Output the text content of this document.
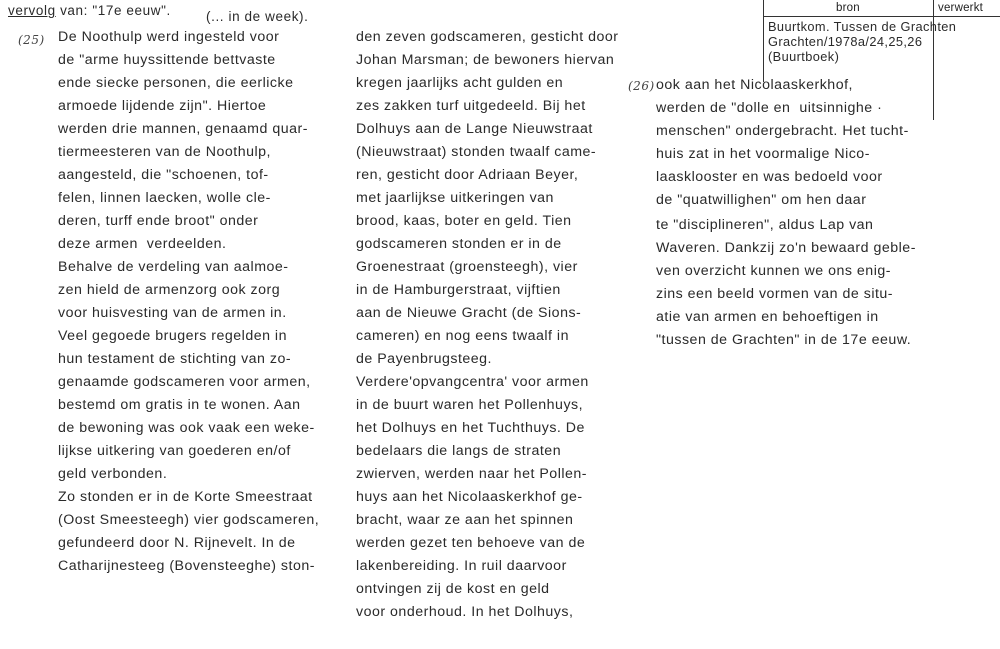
vervolg van: "17e eeuw".	(... in de week).
bron	verwerkt
Buurtkom. Tussen de Grachten
Grachten/1978a/24,25,26
(Buurtboek)
(25)
(26)
De Noothulp werd ingesteld voor
de "arme huyssittende bettvaste
ende siecke personen, die eerlicke
armoede lijdende zijn". Hiertoe
werden drie mannen, genaamd quar-
tiermeesteren van de Noothulp,
aangesteld, die "schoenen, tof-
felen, linnen laecken, wolle cle-
deren, turff ende broot" onder
deze armen  verdeelden.
Behalve de verdeling van aalmoe-
zen hield de armenzorg ook zorg
voor huisvesting van de armen in.
Veel gegoede brugers regelden in
hun testament de stichting van zo-
genaamde godscameren voor armen,
bestemd om gratis in te wonen. Aan
de bewoning was ook vaak een weke-
lijkse uitkering van goederen en/of
geld verbonden.
Zo stonden er in de Korte Smeestraat
(Oost Smeesteegh) vier godscameren,
gefundeerd door N. Rijnevelt. In de
Catharijnesteeg (Bovensteeghe) ston-
den zeven godscameren, gesticht door
Johan Marsman; de bewoners hiervan
kregen jaarlijks acht gulden en
zes zakken turf uitgedeeld. Bij het
Dolhuys aan de Lange Nieuwstraat
(Nieuwstraat) stonden twaalf came-
ren, gesticht door Adriaan Beyer,
met jaarlijkse uitkeringen van
brood, kaas, boter en geld. Tien
godscameren stonden er in de
Groenestraat (groensteegh), vier
in de Hamburgerstraat, vijftien
aan de Nieuwe Gracht (de Sions-
cameren) en nog eens twaalf in
de Payenbrugsteeg.
Verdere'opvangcentra' voor armen
in de buurt waren het Pollenhuys,
het Dolhuys en het Tuchthuys. De
bedelaars die langs de straten
zwierven, werden naar het Pollen-
huys aan het Nicolaaskerkhof ge-
bracht, waar ze aan het spinnen
werden gezet ten behoeve van de
lakenbereiding. In ruil daarvoor
ontvingen zij de kost en geld
voor onderhoud. In het Dolhuys,
ook aan het Nicolaaskerkhof,
werden de "dolle en  uitsinnighe ·
menschen" ondergebracht. Het tucht-
huis zat in het voormalige Nico-
laasklooster en was bedoeld voor
de "quatwillighen" om hen daar
te "disciplineren", aldus Lap van
Waveren. Dankzij zo'n bewaard geble-
ven overzicht kunnen we ons enig-
zins een beeld vormen van de situ-
atie van armen en behoeftigen in
"tussen de Grachten" in de 17e eeuw.
